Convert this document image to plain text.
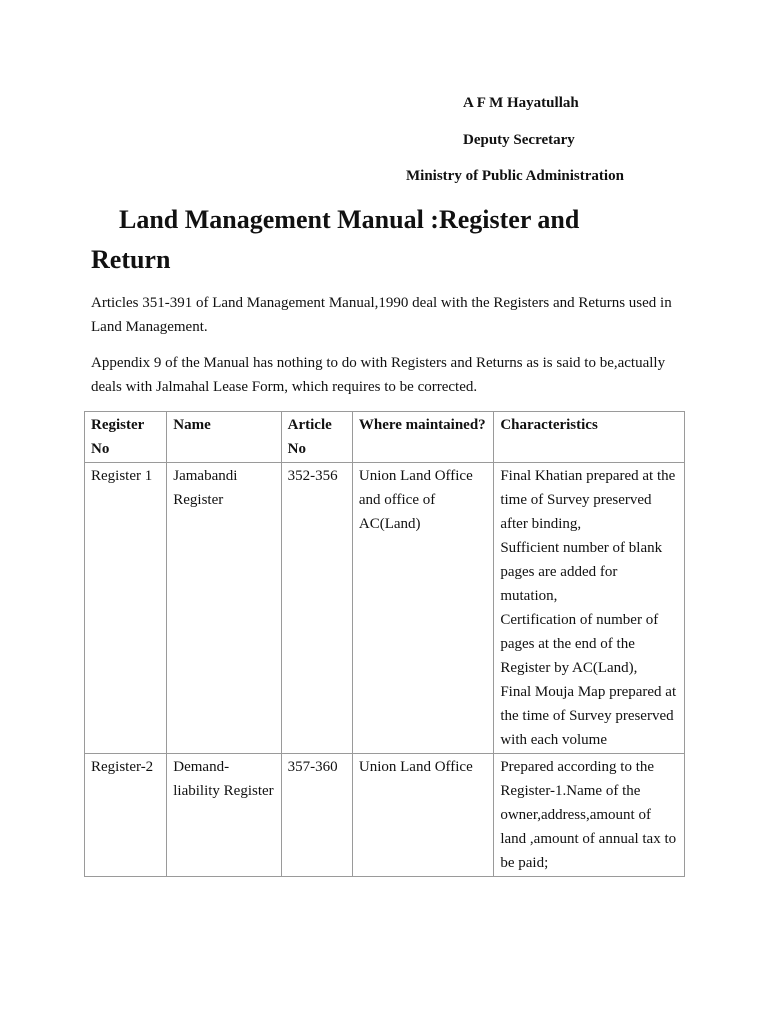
A F M Hayatullah
Deputy Secretary
Ministry of Public Administration
Land Management Manual :Register and Return

Articles 351-391 of Land Management Manual,1990 deal with the Registers and Returns used in Land Management.

Appendix 9 of the Manual has nothing to do with Registers and Returns as is said to be,actually deals with Jalmahal Lease Form, which requires to be corrected.

Register No	Name	Article No	Where maintained?	Characteristics
Register 1	Jamabandi Register	352-356	Union Land Office and office of AC(Land)	Final Khatian prepared at the time of Survey preserved after binding,
Sufficient number of blank pages are added for mutation,
Certification of number of pages at the end of the Register by AC(Land),
Final Mouja Map prepared at the time of Survey preserved with each volume

Register-2	Demand-liability Register	357-360	Union Land Office	Prepared according to the Register-1.Name of the owner,address,amount of land ,amount of annual tax to be paid;
